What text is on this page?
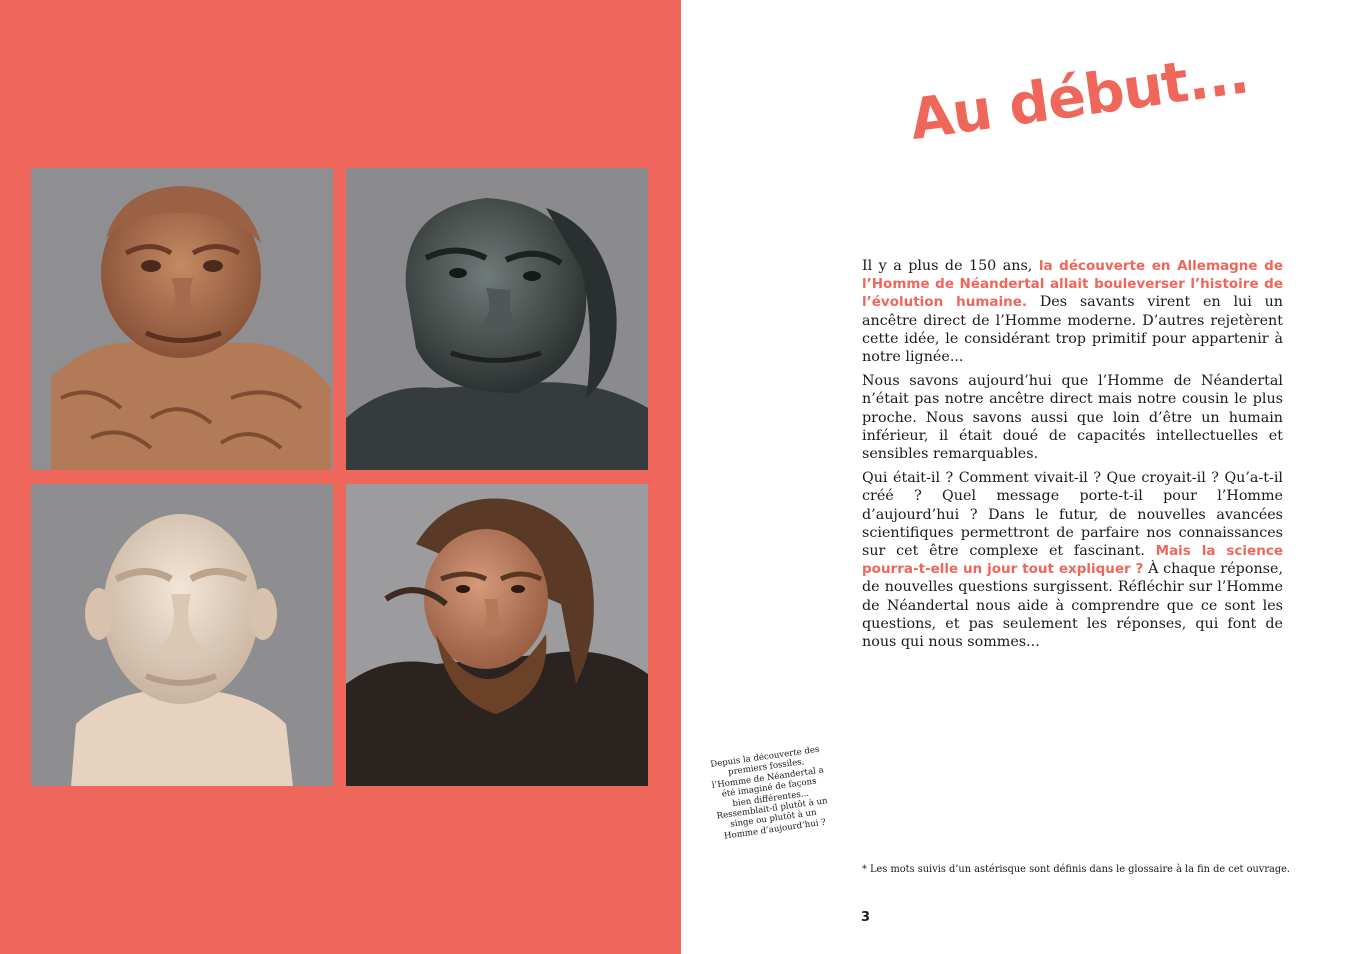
Au début...

Il y a plus de 150 ans, la découverte en Allemagne de l’Homme de Néandertal allait bouleverser l’histoire de l’évolution humaine. Des savants virent en lui un ancêtre direct de l’Homme moderne. D’autres rejetèrent cette idée, le considérant trop primitif pour appartenir à notre lignée...

Nous savons aujourd’hui que l’Homme de Néandertal n’était pas notre ancêtre direct mais notre cousin le plus proche. Nous savons aussi que loin d’être un humain inférieur, il était doué de capacités intellectuelles et sensibles remarquables.

Qui était-il ? Comment vivait-il ? Que croyait-il ? Qu’a-t-il créé ? Quel message porte-t-il pour l’Homme d’aujourd’hui ? Dans le futur, de nouvelles avancées scientifiques permettront de parfaire nos connaissances sur cet être complexe et fascinant. Mais la science pourra-t-elle un jour tout expliquer ? À chaque réponse, de nouvelles questions surgissent. Réfléchir sur l’Homme de Néandertal nous aide à comprendre que ce sont les questions, et pas seulement les réponses, qui font de nous qui nous sommes...

Depuis la découverte des premiers fossiles, l’Homme de Néandertal a été imaginé de façons bien différentes... Ressemblait-il plutôt à un singe ou plutôt à un Homme d’aujourd’hui ?
* Les mots suivis d’un astérisque sont définis dans le glossaire à la fin de cet ouvrage.
3
